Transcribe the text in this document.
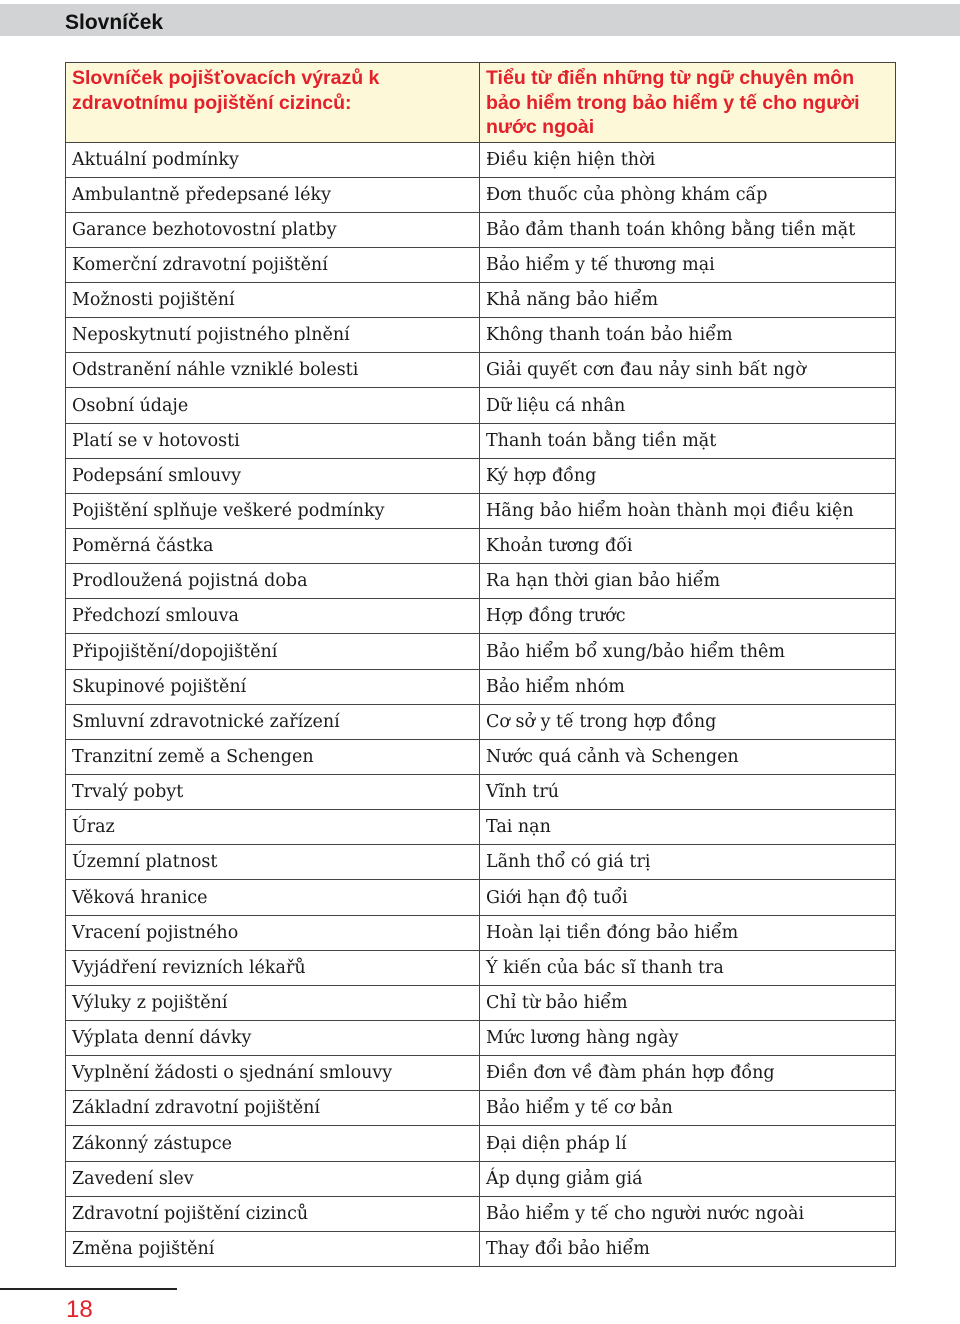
Slovníček
Slovníček pojišťovacích výrazů k zdravotnímu pojištění cizinců:	Tiểu từ điển những từ ngữ chuyên môn bảo hiểm trong bảo hiểm y tế cho người nước ngoài
Aktuální podmínky	Điều kiện hiện thời
Ambulantně předepsané léky	Đơn thuốc của phòng khám cấp
Garance bezhotovostní platby	Bảo đảm thanh toán không bằng tiền mặt
Komerční zdravotní pojištění	Bảo hiểm y tế thương mại
Možnosti pojištění	Khả năng bảo hiểm
Neposkytnutí pojistného plnění	Không thanh toán bảo hiểm
Odstranění náhle vzniklé bolesti	Giải quyết cơn đau nảy sinh bất ngờ
Osobní údaje	Dữ liệu cá nhân
Platí se v hotovosti	Thanh toán bằng tiền mặt
Podepsání smlouvy	Ký hợp đồng
Pojištění splňuje veškeré podmínky	Hãng bảo hiểm hoàn thành mọi điều kiện
Poměrná částka	Khoản tương đối
Prodloužená pojistná doba	Ra hạn thời gian bảo hiểm
Předchozí smlouva	Hợp đồng trước
Připojištění/dopojištění	Bảo hiểm bổ xung/bảo hiểm thêm
Skupinové pojištění	Bảo hiểm nhóm
Smluvní zdravotnické zařízení	Cơ sở y tế trong hợp đồng
Tranzitní země a Schengen	Nước quá cảnh và Schengen
Trvalý pobyt	Vĩnh trú
Úraz	Tai nạn
Územní platnost	Lãnh thổ có giá trị
Věková hranice	Giới hạn độ tuổi
Vracení pojistného	Hoàn lại tiền đóng bảo hiểm
Vyjádření revizních lékařů	Ý kiến của bác sĩ thanh tra
Výluky z pojištění	Chỉ từ bảo hiểm
Výplata denní dávky	Mức lương hàng ngày
Vyplnění žádosti o sjednání smlouvy	Điền đơn về đàm phán hợp đồng
Základní zdravotní pojištění	Bảo hiểm y tế cơ bản
Zákonný zástupce	Đại diện pháp lí
Zavedení slev	Áp dụng giảm giá
Zdravotní pojištění cizinců	Bảo hiểm y tế cho người nước ngoài
Změna pojištění	Thay đổi bảo hiểm
18
